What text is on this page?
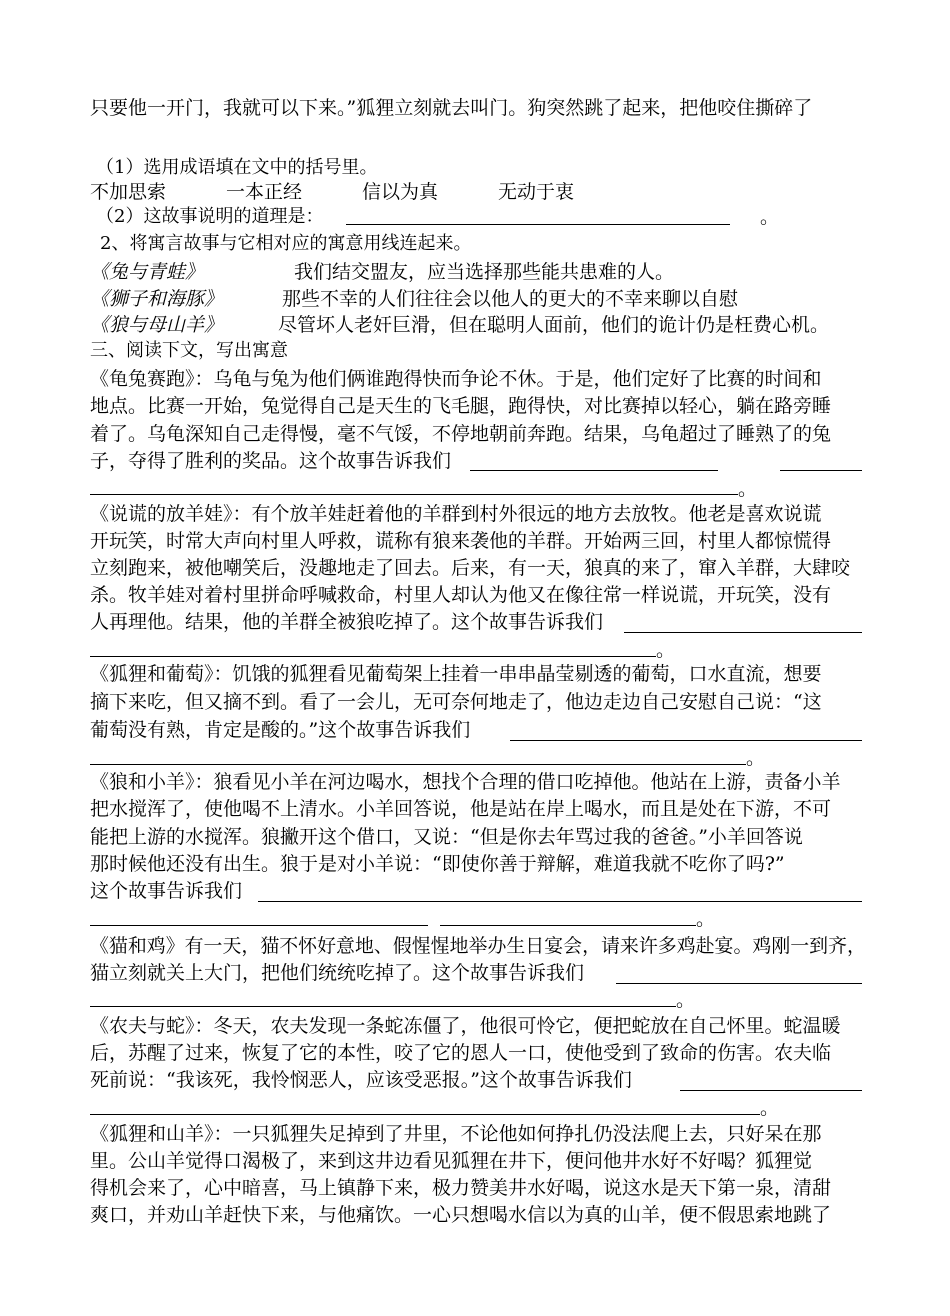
只要他一开门，我就可以下来。”狐狸立刻就去叫门。狗突然跳了起来，把他咬住撕碎了
（1）选用成语填在文中的括号里。
不加思索	一本正经	信以为真	无动于衷
（2）这故事说明的道理是：	。
2、将寓言故事与它相对应的寓意用线连起来。
《兔与青蛙》	我们结交盟友，应当选择那些能共患难的人。
《狮子和海豚》	那些不幸的人们往往会以他人的更大的不幸来聊以自慰
《狼与母山羊》	尽管坏人老奸巨滑，但在聪明人面前，他们的诡计仍是枉费心机。
三、阅读下文，写出寓意
《龟兔赛跑》：乌龟与兔为他们俩谁跑得快而争论不休。于是，他们定好了比赛的时间和
地点。比赛一开始，兔觉得自己是天生的飞毛腿，跑得快，对比赛掉以轻心，躺在路旁睡
着了。乌龟深知自己走得慢，毫不气馁，不停地朝前奔跑。结果，乌龟超过了睡熟了的兔
子，夺得了胜利的奖品。这个故事告诉我们
。
《说谎的放羊娃》：有个放羊娃赶着他的羊群到村外很远的地方去放牧。他老是喜欢说谎
开玩笑，时常大声向村里人呼救，谎称有狼来袭他的羊群。开始两三回，村里人都惊慌得
立刻跑来，被他嘲笑后，没趣地走了回去。后来，有一天，狼真的来了，窜入羊群，大肆咬
杀。牧羊娃对着村里拼命呼喊救命，村里人却认为他又在像往常一样说谎，开玩笑，没有
人再理他。结果，他的羊群全被狼吃掉了。这个故事告诉我们
。
《狐狸和葡萄》：饥饿的狐狸看见葡萄架上挂着一串串晶莹剔透的葡萄，口水直流，想要
摘下来吃，但又摘不到。看了一会儿，无可奈何地走了，他边走边自己安慰自己说：“这
葡萄没有熟，肯定是酸的。”这个故事告诉我们
。
《狼和小羊》：狼看见小羊在河边喝水，想找个合理的借口吃掉他。他站在上游，责备小羊
把水搅浑了，使他喝不上清水。小羊回答说，他是站在岸上喝水，而且是处在下游，不可
能把上游的水搅浑。狼撇开这个借口，又说：“但是你去年骂过我的爸爸。”小羊回答说
那时候他还没有出生。狼于是对小羊说：“即使你善于辩解，难道我就不吃你了吗?”
这个故事告诉我们
。
《猫和鸡》有一天，猫不怀好意地、假惺惺地举办生日宴会，请来许多鸡赴宴。鸡刚一到齐，
猫立刻就关上大门，把他们统统吃掉了。这个故事告诉我们
。
《农夫与蛇》：冬天，农夫发现一条蛇冻僵了，他很可怜它，便把蛇放在自己怀里。蛇温暖
后，苏醒了过来，恢复了它的本性，咬了它的恩人一口，使他受到了致命的伤害。农夫临
死前说：“我该死，我怜悯恶人，应该受恶报。”这个故事告诉我们
。
《狐狸和山羊》：一只狐狸失足掉到了井里，不论他如何挣扎仍没法爬上去，只好呆在那
里。公山羊觉得口渴极了，来到这井边看见狐狸在井下，便问他井水好不好喝？狐狸觉
得机会来了，心中暗喜，马上镇静下来，极力赞美井水好喝，说这水是天下第一泉，清甜
爽口，并劝山羊赶快下来，与他痛饮。一心只想喝水信以为真的山羊，便不假思索地跳了
